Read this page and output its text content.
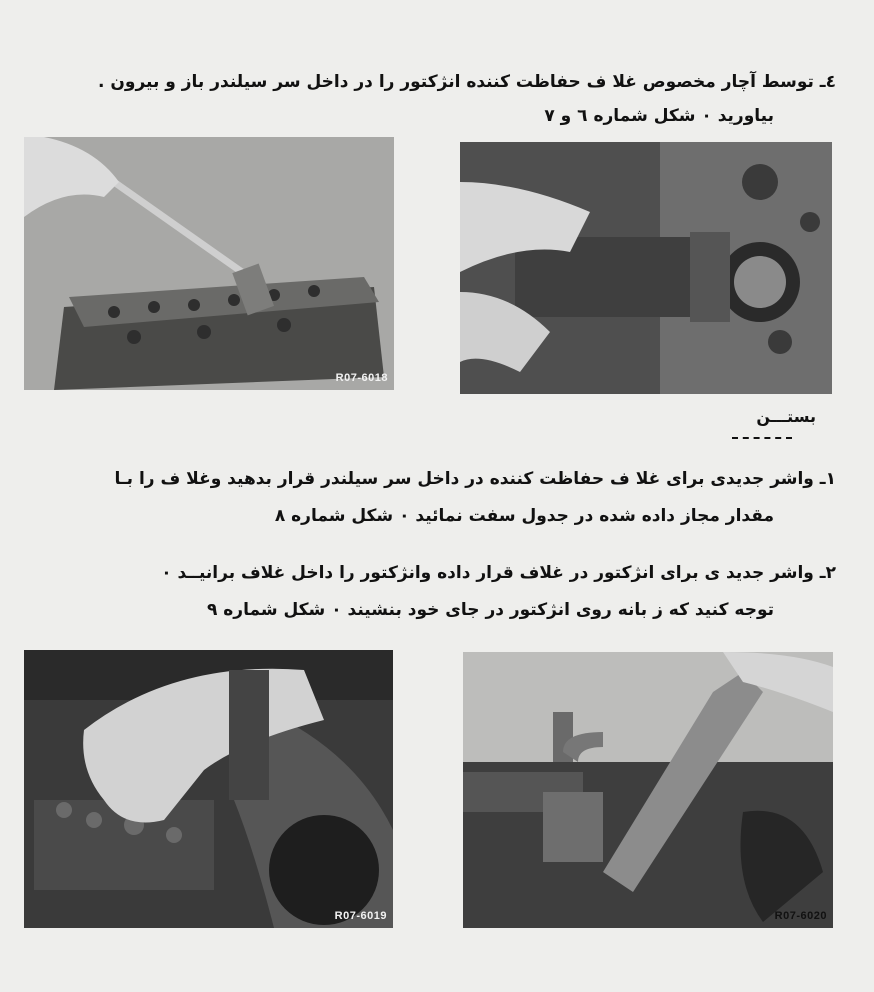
٤ـ توسط آچار مخصوص غلا ف حفاظت کننده انژکتور را در داخل سر سیلندر باز و بیرون .
بیاورید ٠ شکل شماره ٦ و ٧
R07-6018
بستـــن
١ـ واشر جدیدی برای غلا ف حفاظت کننده در داخل سر سیلندر قرار بدهید وغلا ف را بـا
مقدار مجاز داده شده در جدول سفت نمائید ٠ شکل شماره ٨
٢ـ واشر جدید ی برای انژکتور در غلاف قرار داده وانژکتور را داخل غلاف برانیــد ٠
توجه کنید که ز بانه روی انژکتور در جای خود بنشیند ٠ شکل شماره ٩
R07-6019	R07-6020
